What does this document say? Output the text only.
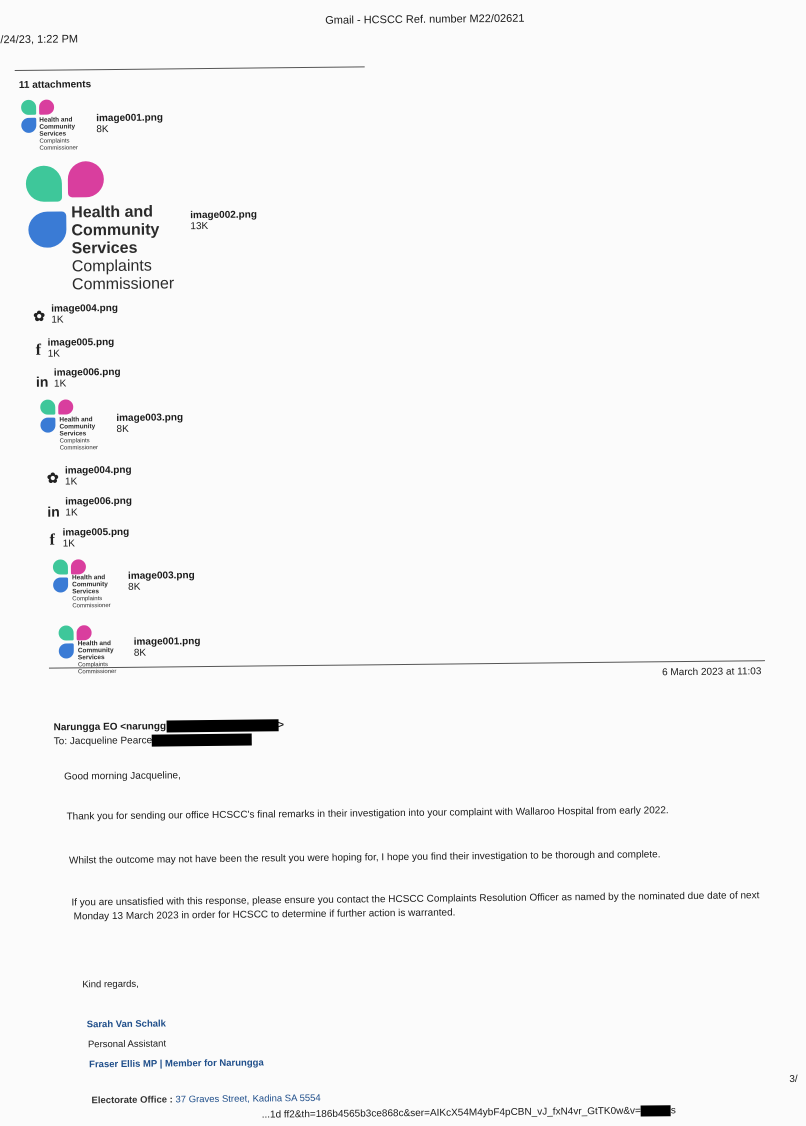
/24/23, 1:22 PM
Gmail - HCSCC Ref. number M22/02621
11 attachments
Health and
Community
Services
Complaints
Commissioner
image001.png
8K
Health and
Community
Services
Complaints
Commissioner
image002.png
13K
✿ image004.png
1K
f image005.png
1K
in
image006.png
1K
Health and
Community
Services
Complaints
Commissioner
image003.png
8K
✿ image004.png
1K
in
image006.png
1K
f image005.png
1K
Health and
Community
Services
Complaints
Commissioner
image003.png
8K
Health and
Community
Services
Complaints
Commissioner
image001.png
8K
6 March 2023 at 11:03
Narungga EO <narungg	>
To: Jacqueline Pearce
Good morning Jacqueline,
Thank you for sending our office HCSCC's final remarks in their investigation into your complaint with Wallaroo Hospital from early 2022.
Whilst the outcome may not have been the result you were hoping for, I hope you find their investigation to be thorough and complete.
If you are unsatisfied with this response, please ensure you contact the HCSCC Complaints Resolution Officer as named by the nominated due date of next
Monday 13 March 2023 in order for HCSCC to determine if further action is warranted.
Kind regards,
Sarah Van Schalk
Personal Assistant
Fraser Ellis MP | Member for Narungga
Electorate Office : 37 Graves Street, Kadina SA 5554
...1d ff2&th=186b4565b3ce868c&ser=AIKcX54M4ybF4pCBN_vJ_fxN4vr_GtTK0w&v=	s
3/
